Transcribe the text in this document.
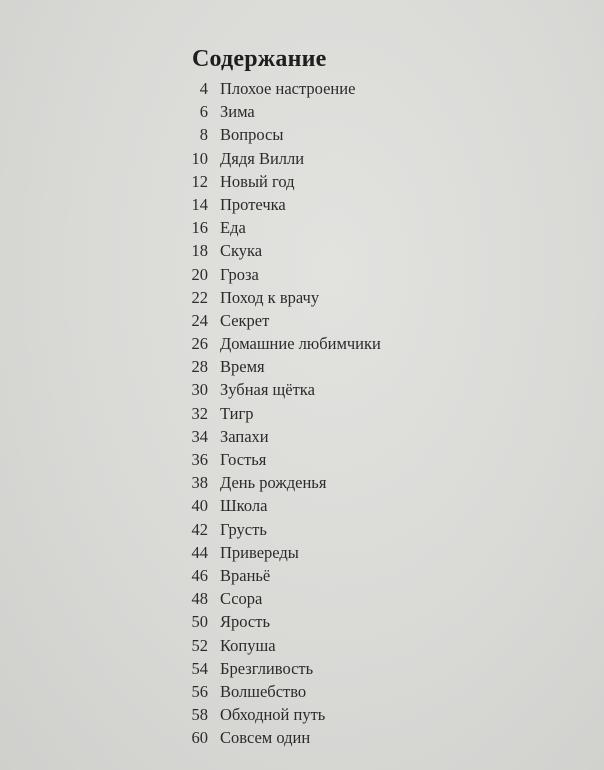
Содержание
4 Плохое настроение
6 Зима
8 Вопросы
10 Дядя Вилли
12 Новый год
14 Протечка
16 Еда
18 Скука
20 Гроза
22 Поход к врачу
24 Секрет
26 Домашние любимчики
28 Время
30 Зубная щётка
32 Тигр
34 Запахи
36 Гостья
38 День рожденья
40 Школа
42 Грусть
44 Привереды
46 Враньё
48 Ссора
50 Ярость
52 Копуша
54 Брезгливость
56 Волшебство
58 Обходной путь
60 Совсем один
